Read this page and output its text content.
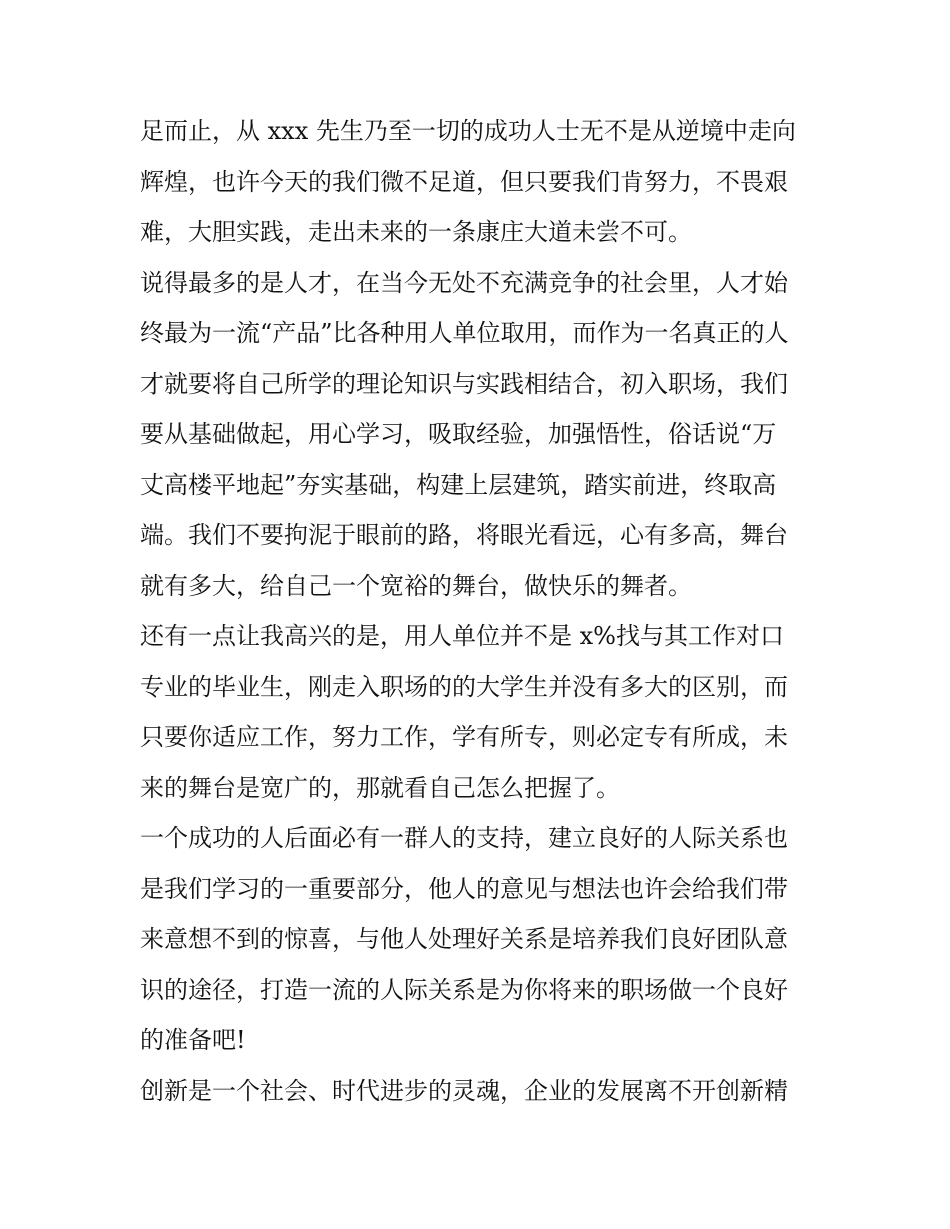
足而止，从 xxx 先生乃至一切的成功人士无不是从逆境中走向
辉煌，也许今天的我们微不足道，但只要我们肯努力，不畏艰
难，大胆实践，走出未来的一条康庄大道未尝不可。
说得最多的是人才，在当今无处不充满竞争的社会里，人才始
终最为一流“产品”比各种用人单位取用，而作为一名真正的人
才就要将自己所学的理论知识与实践相结合，初入职场，我们
要从基础做起，用心学习，吸取经验，加强悟性，俗话说“万
丈高楼平地起”夯实基础，构建上层建筑，踏实前进，终取高
端。我们不要拘泥于眼前的路，将眼光看远，心有多高，舞台
就有多大，给自己一个宽裕的舞台，做快乐的舞者。
还有一点让我高兴的是，用人单位并不是 x%找与其工作对口
专业的毕业生，刚走入职场的的大学生并没有多大的区别，而
只要你适应工作，努力工作，学有所专，则必定专有所成，未
来的舞台是宽广的，那就看自己怎么把握了。
一个成功的人后面必有一群人的支持，建立良好的人际关系也
是我们学习的一重要部分，他人的意见与想法也许会给我们带
来意想不到的惊喜，与他人处理好关系是培养我们良好团队意
识的途径，打造一流的人际关系是为你将来的职场做一个良好
的准备吧!
创新是一个社会、时代进步的灵魂，企业的发展离不开创新精
